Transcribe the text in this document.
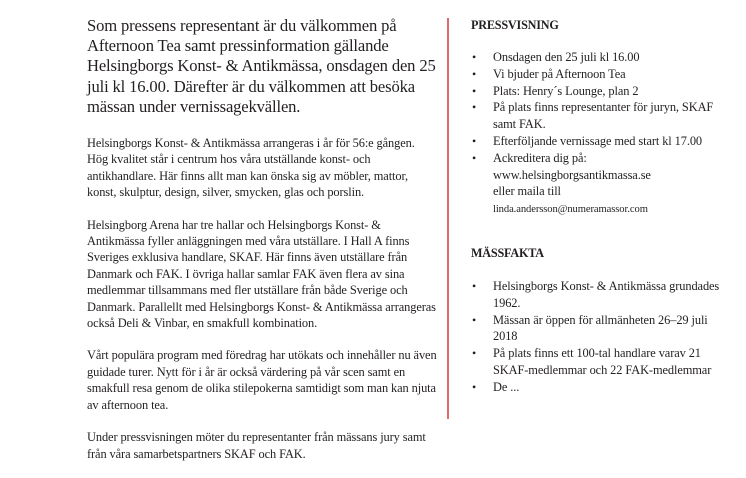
Som pressens representant är du välkommen på Afternoon Tea samt pressinformation gällande Helsingborgs Konst- & Antikmässa, onsdagen den 25 juli kl 16.00. Därefter är du välkommen att besöka mässan under vernissagekvällen.

Helsingborgs Konst- & Antikmässa arrangeras i år för 56:e gången. Hög kvalitet står i centrum hos våra utställande konst- och antikhandlare. Här finns allt man kan önska sig av möbler, mattor, konst, skulptur, design, silver, smycken, glas och porslin.

Helsingborg Arena har tre hallar och Helsingborgs Konst- & Antikmässa fyller anläggningen med våra utställare. I Hall A finns Sveriges exklusiva handlare, SKAF. Här finns även utställare från Danmark och FAK. I övriga hallar samlar FAK även flera av sina medlemmar tillsammans med fler utställare från både Sverige och Danmark. Parallellt med Helsingborgs Konst- & Antikmässa arrangeras också Deli & Vinbar, en smakfull kombination.

Vårt populära program med föredrag har utökats och innehåller nu även guidade turer. Nytt för i år är också värdering på vår scen samt en smakfull resa genom de olika stilepokerna samtidigt som man kan njuta av afternoon tea.

Under pressvisningen möter du representanter från mässans jury samt från våra samarbetspartners SKAF och FAK.

PRESSVISNING
• Onsdagen den 25 juli kl 16.00
• Vi bjuder på Afternoon Tea
• Plats: Henry´s Lounge, plan 2
• På plats finns representanter för juryn, SKAF samt FAK.
• Efterföljande vernissage med start kl 17.00
• Ackreditera dig på:
www.helsingborgsantikmassa.se
eller maila till
linda.andersson@numeramassor.com
MÄSSFAKTA
• Helsingborgs Konst- & Antikmässa grundades 1962.
• Mässan är öppen för allmänheten 26–29 juli 2018
• På plats finns ett 100-tal handlare varav 21 SKAF-medlemmar och 22 FAK-medlemmar
• De ...
